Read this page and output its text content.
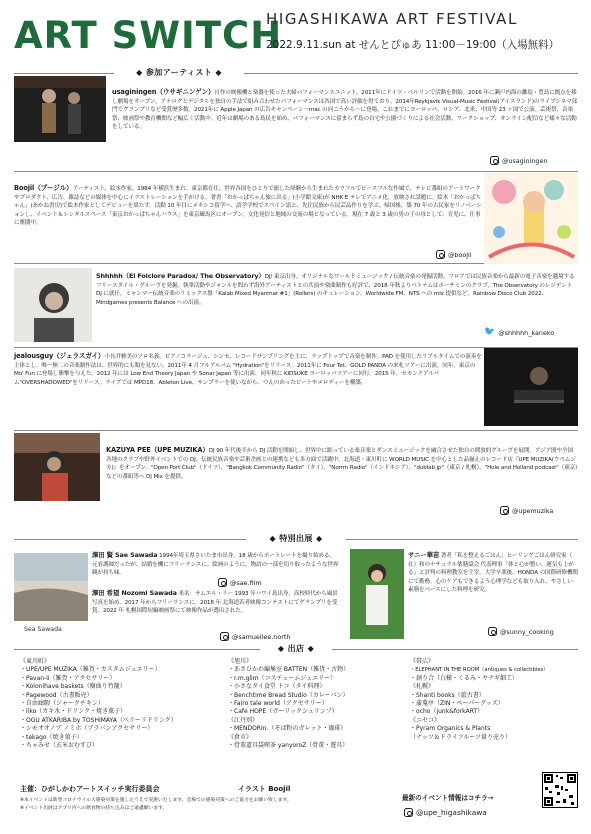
ART SWITCH
HIGASHIKAWA ART FESTIVAL
2022.9.11.sun at せんとぴゅあ 11:00－19:00（入場無料）
◆ 参加アーティスト ◆
usaginingen（ウサギニンゲン）自作の映像機と楽器を使った夫婦パフォーマンスユニット。2011年にドイツ・ベルリンで活動を開始。2016 年に瀬戸内海の離島・豊島に拠点を移し劇場をオープン。アナログとデジタルを独自の手法で組み合わせたパフォーマンスは各国で高い評価を得ており、2014年Reykjavik Visual-Music Festival(アイスランド)のライブシネマ部門でグランプリなど受賞歴多数。2021年に Apple Japan の広告キャンペーン～mac の向こうから～に登場。これまでにヨーロッパ、ロシア、北米、中国等 23 ヶ国で公演。芸術祭、音楽祭、映画祭や教育機関など幅広く活動中。近年は劇場のある島民を始め、パフォーマンスに留まらず島の自宅や公園づくりによる社会活動、ワークショップ、オンライン配信など様々な活動をしている。
@usaginingen
Boojil（ブージル）アーティスト、絵本作家。1984 年横浜生まれ、東京都在住。世界各国をひとりで旅した経験から生まれたカラフルでピースフルな作風で、テレビ番組のアートワークやプロダクト、広告、雑誌などの媒体を中心にイラストレーションを手がける。著書「おかっぱちゃん旅に出る」(小学館文庫)が NHK E テレでアニメ化、放映され話題に。絵本「おかっぱちゃん」(あかね書房)で絵本作家としてデビューを果たす。活動 10 年目にメキシコ留学へ、語学学校でスペイン語と、先住民族から民芸品作りを学ぶ。帰国後、築 70 年の古民家をリノベーションし、イベント＆レンタルスペース「東京おかっぱちゃんハウス」を東京練馬区にオープン。文化発信と地域の交流の場となっている。現在 7 歳と 3 歳の男の子の母として、育児に、仕事に奮闘中。
@boojil
Shhhhh（El Folclore Paradox/ The Observatory）DJ/ 東京出身。オリジナルなワールドミュージック / 伝統音楽の発掘活動。フロアでは民族音楽から最新の電子音楽を越境するフリースタイル・グルーヴを発掘。執筆活動やジャンルを問わず海外アーティストとの共演や楽曲制作も好評で、2018 年秋よりベトナムはホーチミンのクラブ、The Observatory のレジデント DJ に就任。ミャンマー伝統音楽のリミックス盤「Kalab Mixed Myanmar #1」(Rollers) のキュレーション。Worldwide FM、NTS への mix 提供など。Rainbow Disco Club 2022、Mindgames presents Balance への出演。
🐦 @shhhhh_kaneko
jealousguy（ジェラスガイ）小長井雅美のソロ名義。ピアノコラージュ、シンセ、レコードサンプリングを主に、ラップトップで音楽を制作。PAD を使用したリアルタイムでの演奏を主体とし、唯一無二の音楽制作法は、世界的にも類を見ない。2011年 4 月フルアルバム "Hydration"をリリース。2011年に Four Tet、GOLD PANDA の来札ツアーに出演。同年、東京の Mo' Fun に登場し衝撃を与えた。2012 年には Low End Theory Japan や Sonar Japan 等に出演、同年秋に KIDSUKE ヨーロッパツアーに同行。2015 年、セカンドアルバム"OVERSHADOWED"をリリース。ライブでは MPD18、Ableton Live、サンプラーを使いながら、つんのめったビートやメロディーを構築。
KAZUYA PEE（UPE MUZIKA）DJ 90 年代後半から DJ 活動を開始し、世界中に眠っている楽音楽とダンスミュージックを融合させた独自の開放的グルーヴを展開。アジア圏や全国各地のクラブや野外イベントでの DJ、伝統民族音楽や芸術企画との連携なども多方面で活躍中。北海道・東川町に WORLD MUSIC を中心とした品揃えのレコード店『UPE MUZIKA(ウペムジカ)』をオープン。"Open Port Club"（ドイツ）、"Bangkok Community Radio"（タイ）、"Norrm Radio"（インドネシア）、"dublab.jp"（東京 / 札幌）、"Hole and Holland podcast"（東京）などの番組等へ DJ Mix を提供。
@upemuzika
◆ 特別出展 ◆
Sea Sawada
澤田 賢 Sae Sawada 1994年埼玉県さいたま市出身。18 歳からポートレートを撮り始める。元看護師だったが、結婚を機にフリーランスに。絵画のように、物語の一部を切り取ったような世界観が持ち味。
@sae.film
澤田 希望 Nozomi Sawada 米名：サムエル・リー 1993 年ハワイ島出身。高校時代から風景写真を始め、2017 年からフリーランスに。2018 年 北海道若者映像コンテストにてグランプリを受賞。2022 年 札幌国際短編映画祭にて映像作品が選出された。
@samuellee.north
サニー華苗 著者「私を整えるごはん」ヒーリングごはん研究家（ 社）和のナチュラル薬膳協会 代表理事「体と心が整い、運気も上がる」と評判の料理教室を主宰。大学卒業後、HONDA の国際研修機関にて勤務。心のケアもできるよう心理学なども取り入れ、やさしい素膳をベースにした料理を研究。
@sunny_cooking
◆ 出店 ◆
《東川町》
・UPE/UPE MUZIKA（雑貨・カスタムジュエリー）
・Pavan-ii（雑貨・アクセサリー）
・Kolonihave baskets（樹曲り竹籠）
・Pagewood（古書販売）
・自由廊暇（ジャークチキン）
・liko（カキ氷・ドリンク・焼き菓子）
・OGU ATKARIBA by TOSHIMAYA（ベリーリドリンク）
・シモオオノブ ノミホ（ブラバンアクセサリー）
・tekago（焼き菓子）
・ちゃみせ（玄米おむすび）
《旭川》
・あさひかわ編集室 BATTEN（雑貨・古物）
・r.m.glim（コスチュームジュエリー）
・小さなタイ食堂 トコ（タイ料理）
・Benchtime Bread Studio（カレーパン）
・Fairo tale world（アクセサリー）
・Cafe HOPE（ガーリックシュリンプ）
《江丹別》
・MENDORIn.（そば粉のガレット・珈琲）
《倉市》
・骨董道具袋喫茶 yanyoroZ（骨董・遊具）
《帯広》
・ELEPHANT IN THE ROOM（antiques & collectibles）
・創り合（白樺・くるみ・ヤナギ細工）
《札幌》
・Shanti books（旅古書）
・蒲蒐亭（ZIN・ペーパーグッズ）
・ocho（junk&forkART）
《ニセコ》
・Pyram Organics & Plants
（ナッツ＆ドライフルーツ量り売り）
主催：ひがしかわアートスイッチ実行委員会	イラスト Boojil
※本イベントは新型コロナウイルス感染対策を施したうえで実施いたします。会場での感染対策へのご協力をお願い致します。
※イベント出展はアプリ内への飲食物の持ち込みはご遠慮願います。
最新のイベント情報はコチラ→
@upe_higashikawa
